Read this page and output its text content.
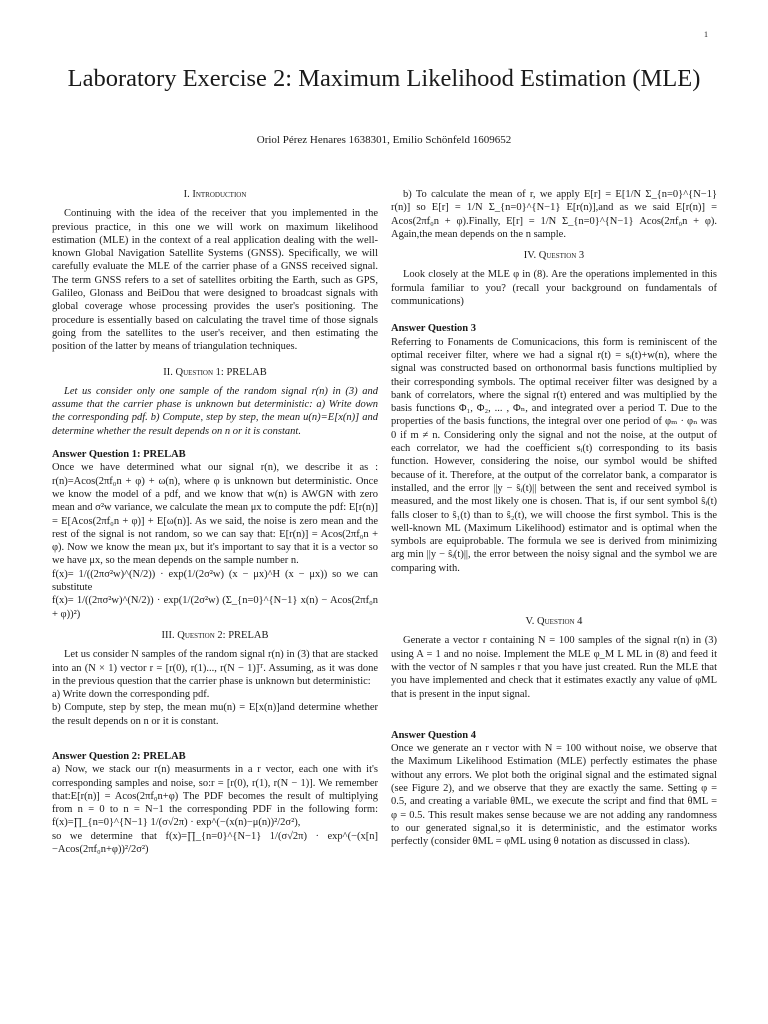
1
Laboratory Exercise 2: Maximum Likelihood Estimation (MLE)
Oriol Pérez Henares 1638301, Emilio Schönfeld 1609652
I. Introduction

Continuing with the idea of the receiver that you implemented in the previous practice, in this one we will work on maximum likelihood estimation (MLE) in the context of a real application dealing with the well-known Global Navigation Satellite Systems (GNSS). Specifically, we will carefully evaluate the MLE of the carrier phase of a GNSS received signal. The term GNSS refers to a set of satellites orbiting the Earth, such as GPS, Galileo, Glonass and BeiDou that were designed to broadcast signals with global coverage whose processing provides the user's positioning. The procedure is essentially based on calculating the travel time of those signals going from the satellites to the user's receiver, and then estimating the position of the latter by means of triangulation techniques.

II. Question 1: PRELAB

Let us consider only one sample of the random signal r(n) in (3) and assume that the carrier phase is unknown but deterministic: a) Write down the corresponding pdf. b) Compute, step by step, the mean u(n)=E[x(n)] and determine whether the result depends on n or it is constant.

Answer Question 1: PRELAB

Once we have determined what our signal r(n), we describe it as : r(n)=Acos(2πf₀n + φ) + ω(n), where φ is unknown but deterministic. Once we know the model of a pdf, and we know that w(n) is AWGN with zero mean and σ²w variance, we calculate the mean μx to compute the pdf: E[r(n)] = E[Acos(2πf₀n + φ)] + E[ω(n)]. As we said, the noise is zero mean and the rest of the signal is not random, so we can say that: E[r(n)] = Acos(2πf₀n + φ). Now we know the mean μx, but it's important to say that it is a vector so we have μx, so the mean depends on the sample number n.

f(x)= 1/((2πσ²w)^(N/2)) · exp(1/(2σ²w) (x − μx)^H (x − μx)) so we can substitute

f(x)= 1/((2πσ²w)^(N/2)) · exp(1/(2σ²w) (Σ_{n=0}^{N−1} x(n) − Acos(2πf₀n + φ))²)

III. Question 2: PRELAB

Let us consider N samples of the random signal r(n) in (3) that are stacked into an (N × 1) vector r = [r(0), r(1)..., r(N − 1)]ᵀ. Assuming, as it was done in the previous question that the carrier phase is unknown but deterministic:

a) Write down the corresponding pdf.

b) Compute, step by step, the mean mu(n) = E[x(n)]and determine whether the result depends on n or it is constant.

Answer Question 2: PRELAB

a) Now, we stack our r(n) measurments in a r vector, each one with it's corresponding samples and noise, so:r = [r(0), r(1), r(N − 1)]. We remember that:E[r(n)] = Acos(2πf₀n+φ) The PDF becomes the result of multiplying from n = 0 to n = N−1 the corresponding PDF in the following form: f(x)=∏_{n=0}^{N−1} 1/(σ√2π) · exp^(−(x(n)−μ(n))²/2σ²),

so we determine that f(x)=∏_{n=0}^{N−1} 1/(σ√2π) · exp^(−(x[n]−Acos(2πf₀n+φ))²/2σ²)

b) To calculate the mean of r, we apply E[r] = E[1/N Σ_{n=0}^{N−1} r(n)] so E[r] = 1/N Σ_{n=0}^{N−1} E[r(n)],and as we said E[r(n)] = Acos(2πf₀n + φ).Finally, E[r] = 1/N Σ_{n=0}^{N−1} Acos(2πf₀n + φ). Again,the mean depends on the n sample.

IV. Question 3

Look closely at the MLE φ in (8). Are the operations implemented in this formula familiar to you? (recall your background on fundamentals of communications)

Answer Question 3

Referring to Fonaments de Comunicacions, this form is reminiscent of the optimal receiver filter, where we had a signal r(t) = sᵢ(t)+w(n), where the signal was constructed based on orthonormal basis functions multiplied by their corresponding symbols. The optimal receiver filter was designed by a bank of correlators, where the signal r(t) entered and was multiplied by the basis functions Φ₁, Φ₂, ... , Φₙ, and integrated over a period T. Due to the properties of the basis functions, the integral over one period of φₘ · φₙ was 0 if m ≠ n. Considering only the signal and not the noise, at the output of each correlator, we had the coefficient sᵢ(t) corresponding to its basis function. However, considering the noise, our symbol would be shifted because of it. Therefore, at the output of the correlator bank, a comparator is installed, and the error ||y − ŝᵢ(t)|| between the sent and received symbol is measured, and the most likely one is chosen. That is, if our sent symbol ŝᵢ(t) falls closer to ŝ₁(t) than to ŝ₂(t), we will choose the first symbol. This is the well-known ML (Maximum Likelihood) estimator and is optimal when the symbols are equiprobable. The formula we see is derived from minimizing arg min ||y − ŝᵢ(t)||, the error between the noisy signal and the symbol we are comparing with.

V. Question 4

Generate a vector r containing N = 100 samples of the signal r(n) in (3) using A = 1 and no noise. Implement the MLE φ_M L ML in (8) and feed it with the vector of N samples r that you have just created. Run the MLE that you have implemented and check that it estimates exactly any value of φML that is present in the input signal.

Answer Question 4

Once we generate an r vector with N = 100 without noise, we observe that the Maximum Likelihood Estimation (MLE) perfectly estimates the phase without any errors. We plot both the original signal and the estimated signal (see Figure 2), and we observe that they are exactly the same. Setting φ = 0.5, and creating a variable θML, we execute the script and find that θML = φ = 0.5. This result makes sense because we are not adding any randomness to our generated signal,so it is deterministic, and the estimator works perfectly (consider θML = φML using θ notation as discussed in class).
